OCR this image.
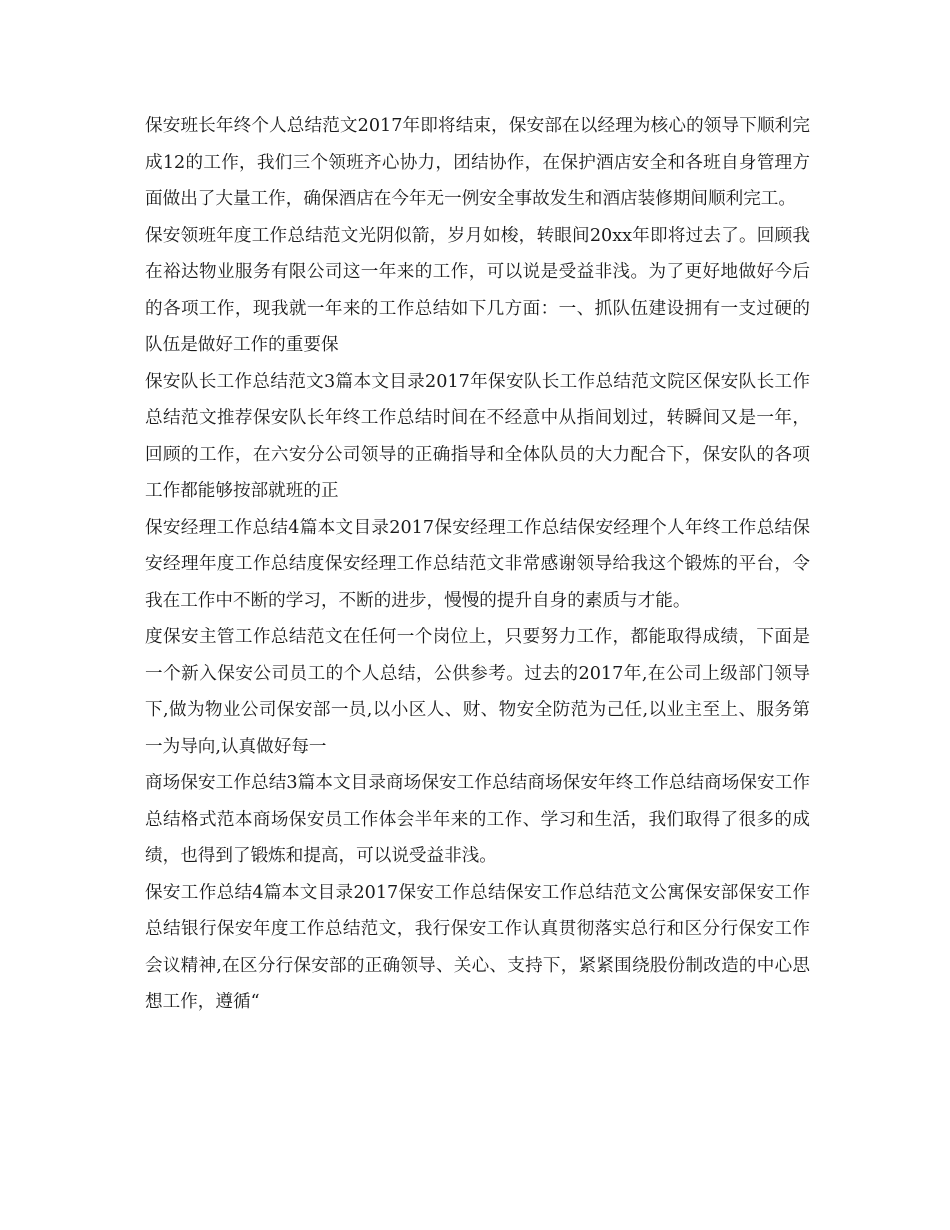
保安班长年终个人总结范文2017年即将结束，保安部在以经理为核心的领导下顺利完成12的工作，我们三个领班齐心协力，团结协作，在保护酒店安全和各班自身管理方面做出了大量工作，确保酒店在今年无一例安全事故发生和酒店装修期间顺利完工。

保安领班年度工作总结范文光阴似箭，岁月如梭，转眼间20xx年即将过去了。回顾我在裕达物业服务有限公司这一年来的工作，可以说是受益非浅。为了更好地做好今后的各项工作，现我就一年来的工作总结如下几方面：一、抓队伍建设拥有一支过硬的队伍是做好工作的重要保

保安队长工作总结范文3篇本文目录2017年保安队长工作总结范文院区保安队长工作总结范文推荐保安队长年终工作总结时间在不经意中从指间划过，转瞬间又是一年，回顾的工作，在六安分公司领导的正确指导和全体队员的大力配合下，保安队的各项工作都能够按部就班的正

保安经理工作总结4篇本文目录2017保安经理工作总结保安经理个人年终工作总结保安经理年度工作总结度保安经理工作总结范文非常感谢领导给我这个锻炼的平台，令我在工作中不断的学习，不断的进步，慢慢的提升自身的素质与才能。

度保安主管工作总结范文在任何一个岗位上，只要努力工作，都能取得成绩，下面是一个新入保安公司员工的个人总结，公供参考。过去的2017年,在公司上级部门领导下,做为物业公司保安部一员,以小区人、财、物安全防范为己任,以业主至上、服务第一为导向,认真做好每一

商场保安工作总结3篇本文目录商场保安工作总结商场保安年终工作总结商场保安工作总结格式范本商场保安员工作体会半年来的工作、学习和生活，我们取得了很多的成绩，也得到了锻炼和提高，可以说受益非浅。

保安工作总结4篇本文目录2017保安工作总结保安工作总结范文公寓保安部保安工作总结银行保安年度工作总结范文，我行保安工作认真贯彻落实总行和区分行保安工作会议精神,在区分行保安部的正确领导、关心、支持下，紧紧围绕股份制改造的中心思想工作，遵循“
